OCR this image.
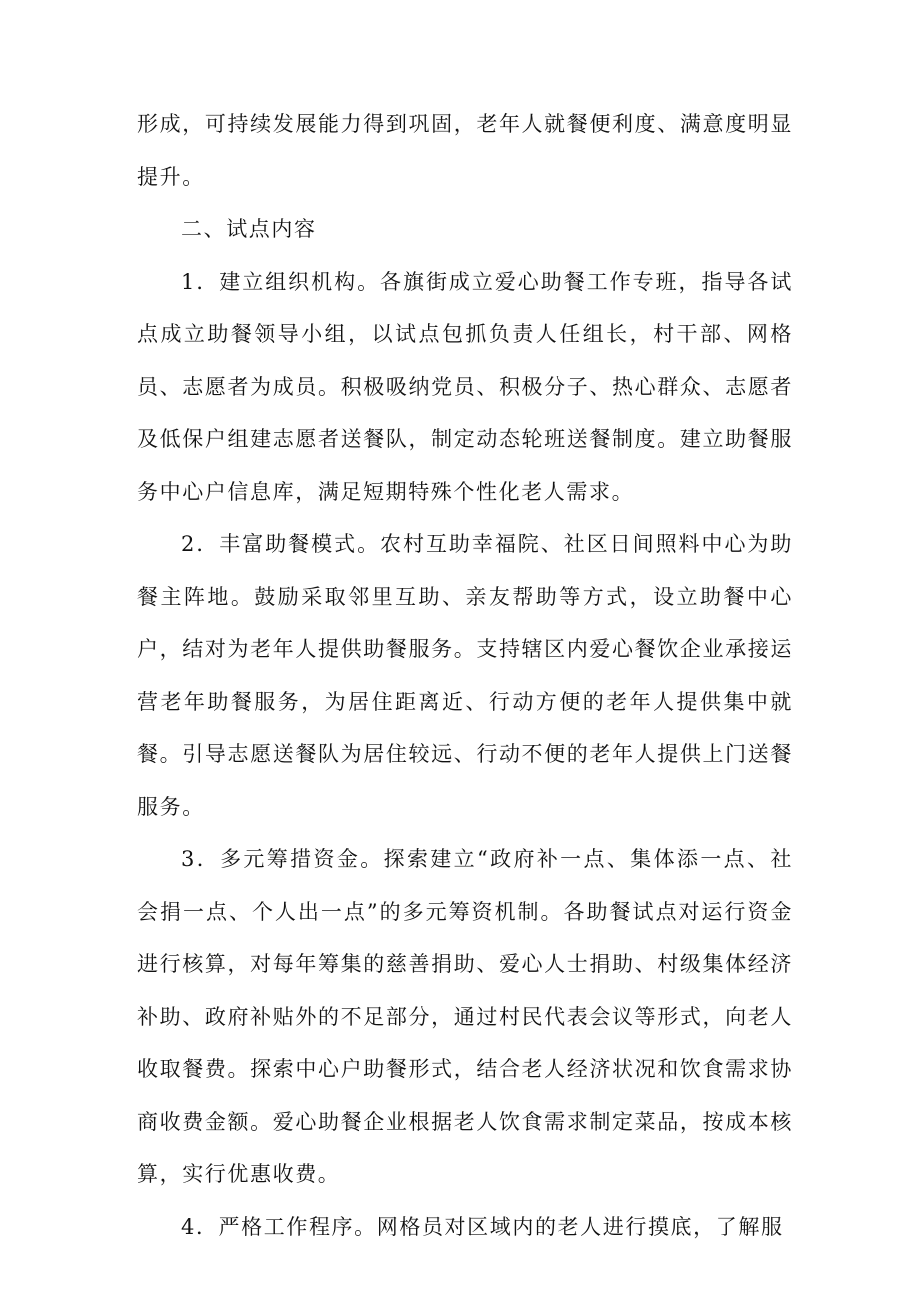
形成，可持续发展能力得到巩固，老年人就餐便利度、满意度明显提升。

二、试点内容

1．建立组织机构。各旗街成立爱心助餐工作专班，指导各试点成立助餐领导小组，以试点包抓负责人任组长，村干部、网格员、志愿者为成员。积极吸纳党员、积极分子、热心群众、志愿者及低保户组建志愿者送餐队，制定动态轮班送餐制度。建立助餐服务中心户信息库，满足短期特殊个性化老人需求。

2．丰富助餐模式。农村互助幸福院、社区日间照料中心为助餐主阵地。鼓励采取邻里互助、亲友帮助等方式，设立助餐中心户，结对为老年人提供助餐服务。支持辖区内爱心餐饮企业承接运营老年助餐服务，为居住距离近、行动方便的老年人提供集中就餐。引导志愿送餐队为居住较远、行动不便的老年人提供上门送餐服务。

3．多元筹措资金。探索建立“政府补一点、集体添一点、社会捐一点、个人出一点”的多元筹资机制。各助餐试点对运行资金进行核算，对每年筹集的慈善捐助、爱心人士捐助、村级集体经济补助、政府补贴外的不足部分，通过村民代表会议等形式，向老人收取餐费。探索中心户助餐形式，结合老人经济状况和饮食需求协商收费金额。爱心助餐企业根据老人饮食需求制定菜品，按成本核算，实行优惠收费。

4．严格工作程序。网格员对区域内的老人进行摸底，了解服
